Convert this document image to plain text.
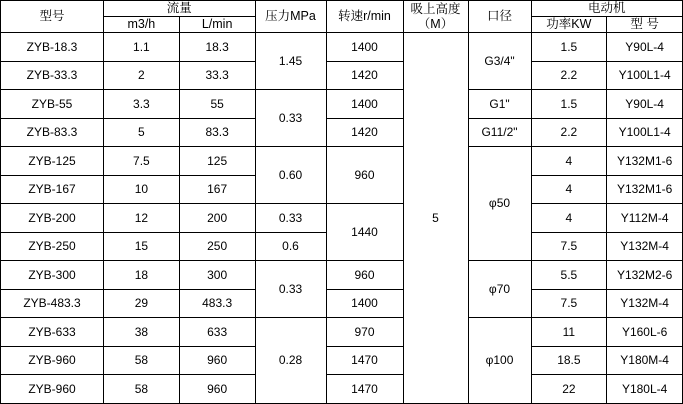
型号	流量		压力MPa	转速r/min	吸上高度（M）	口径	电动机	
	m3/h	L/min					功率KW	型 号
ZYB-18.3	1.1	18.3	1.45	1400	5	G3/4"	1.5	Y90L-4
ZYB-33.3	2	33.3		1420			2.2	Y100L1-4
ZYB-55	3.3	55	0.33	1400		G1"	1.5	Y90L-4
ZYB-83.3	5	83.3		1420		G11/2"	2.2	Y100L1-4
ZYB-125	7.5	125	0.60	960		φ50	4	Y132M1-6
ZYB-167	10	167					4	Y132M1-6
ZYB-200	12	200	0.33	1440			4	Y112M-4
ZYB-250	15	250	0.6				7.5	Y132M-4
ZYB-300	18	300	0.33	960		φ70	5.5	Y132M2-6
ZYB-483.3	29	483.3		1400			7.5	Y132M-4
ZYB-633	38	633	0.28	970		φ100	11	Y160L-6
ZYB-960	58	960		1470			18.5	Y180M-4
ZYB-960	58	960		1470			22	Y180L-4
